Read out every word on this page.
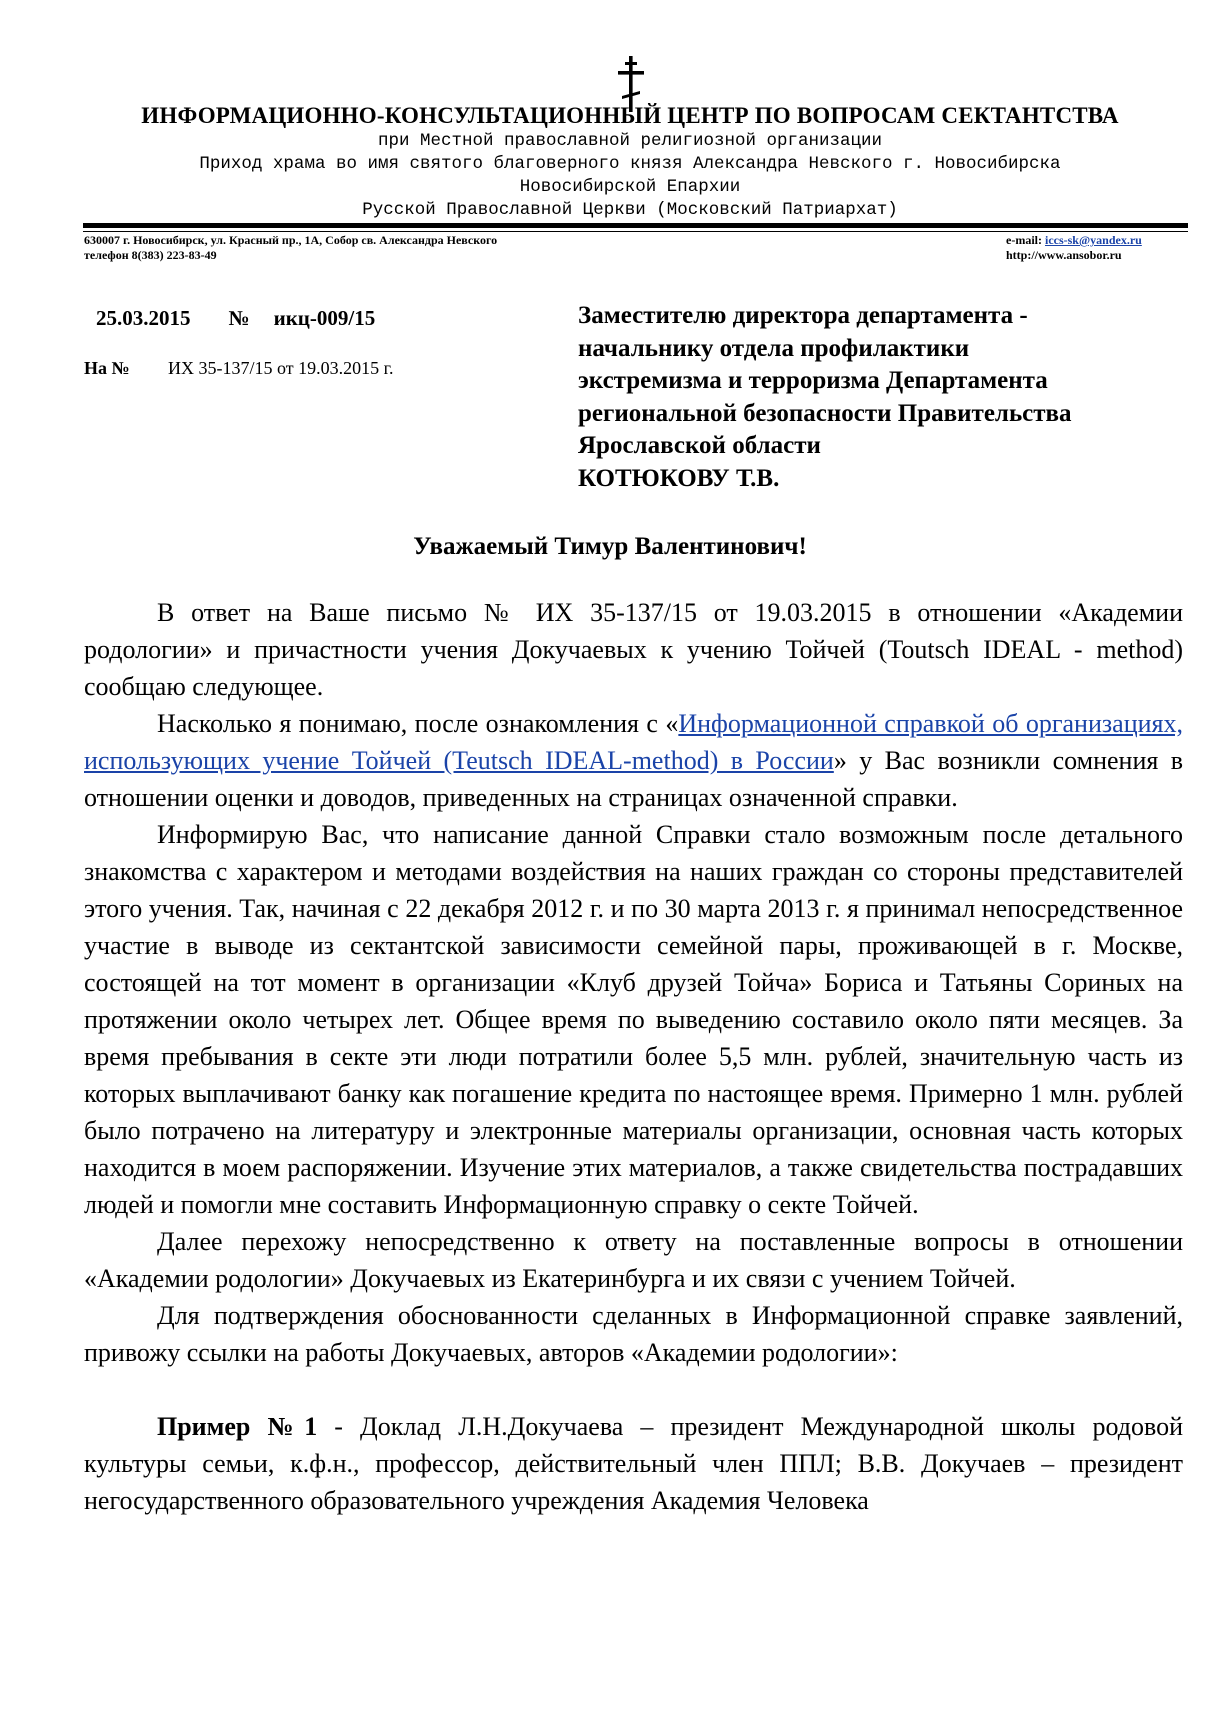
ИНФОРМАЦИОННО-КОНСУЛЬТАЦИОННЫЙ ЦЕНТР ПО ВОПРОСАМ СЕКТАНТСТВА
при Местной православной религиозной организации
Приход храма во имя святого благоверного князя Александра Невского г. Новосибирска
Новосибирской Епархии
Русской Православной Церкви (Московский Патриархат)
630007 г. Новосибирск, ул. Красный пр., 1А, Собор св. Александра Невского
телефон 8(383) 223-83-49
e-mail: iccs-sk@yandex.ru
http://www.ansobor.ru
25.03.2015 № икц-009/15
На № ИХ 35-137/15 от 19.03.2015 г.
Заместителю директора департамента -
начальнику отдела профилактики
экстремизма и терроризма Департамента
региональной безопасности Правительства
Ярославской области
КОТЮКОВУ Т.В.
Уважаемый Тимур Валентинович!

В ответ на Ваше письмо № ИХ 35-137/15 от 19.03.2015 в отношении «Академии родологии» и причастности учения Докучаевых к учению Тойчей (Toutsch IDEAL - method) сообщаю следующее.

Насколько я понимаю, после ознакомления с «Информационной справкой об организациях, использующих учение Тойчей (Teutsch IDEAL-method) в России» у Вас возникли сомнения в отношении оценки и доводов, приведенных на страницах означенной справки.

Информирую Вас, что написание данной Справки стало возможным после детального знакомства с характером и методами воздействия на наших граждан со стороны представителей этого учения. Так, начиная с 22 декабря 2012 г. и по 30 марта 2013 г. я принимал непосредственное участие в выводе из сектантской зависимости семейной пары, проживающей в г. Москве, состоящей на тот момент в организации «Клуб друзей Тойча» Бориса и Татьяны Сориных на протяжении около четырех лет. Общее время по выведению составило около пяти месяцев. За время пребывания в секте эти люди потратили более 5,5 млн. рублей, значительную часть из которых выплачивают банку как погашение кредита по настоящее время. Примерно 1 млн. рублей было потрачено на литературу и электронные материалы организации, основная часть которых находится в моем распоряжении. Изучение этих материалов, а также свидетельства пострадавших людей и помогли мне составить Информационную справку о секте Тойчей.

Далее перехожу непосредственно к ответу на поставленные вопросы в отношении «Академии родологии» Докучаевых из Екатеринбурга и их связи с учением Тойчей.

Для подтверждения обоснованности сделанных в Информационной справке заявлений, привожу ссылки на работы Докучаевых, авторов «Академии родологии»:

Пример №1 - Доклад Л.Н.Докучаева – президент Международной школы родовой культуры семьи, к.ф.н., профессор, действительный член ППЛ; В.В. Докучаев – президент негосударственного образовательного учреждения Академия Человека
